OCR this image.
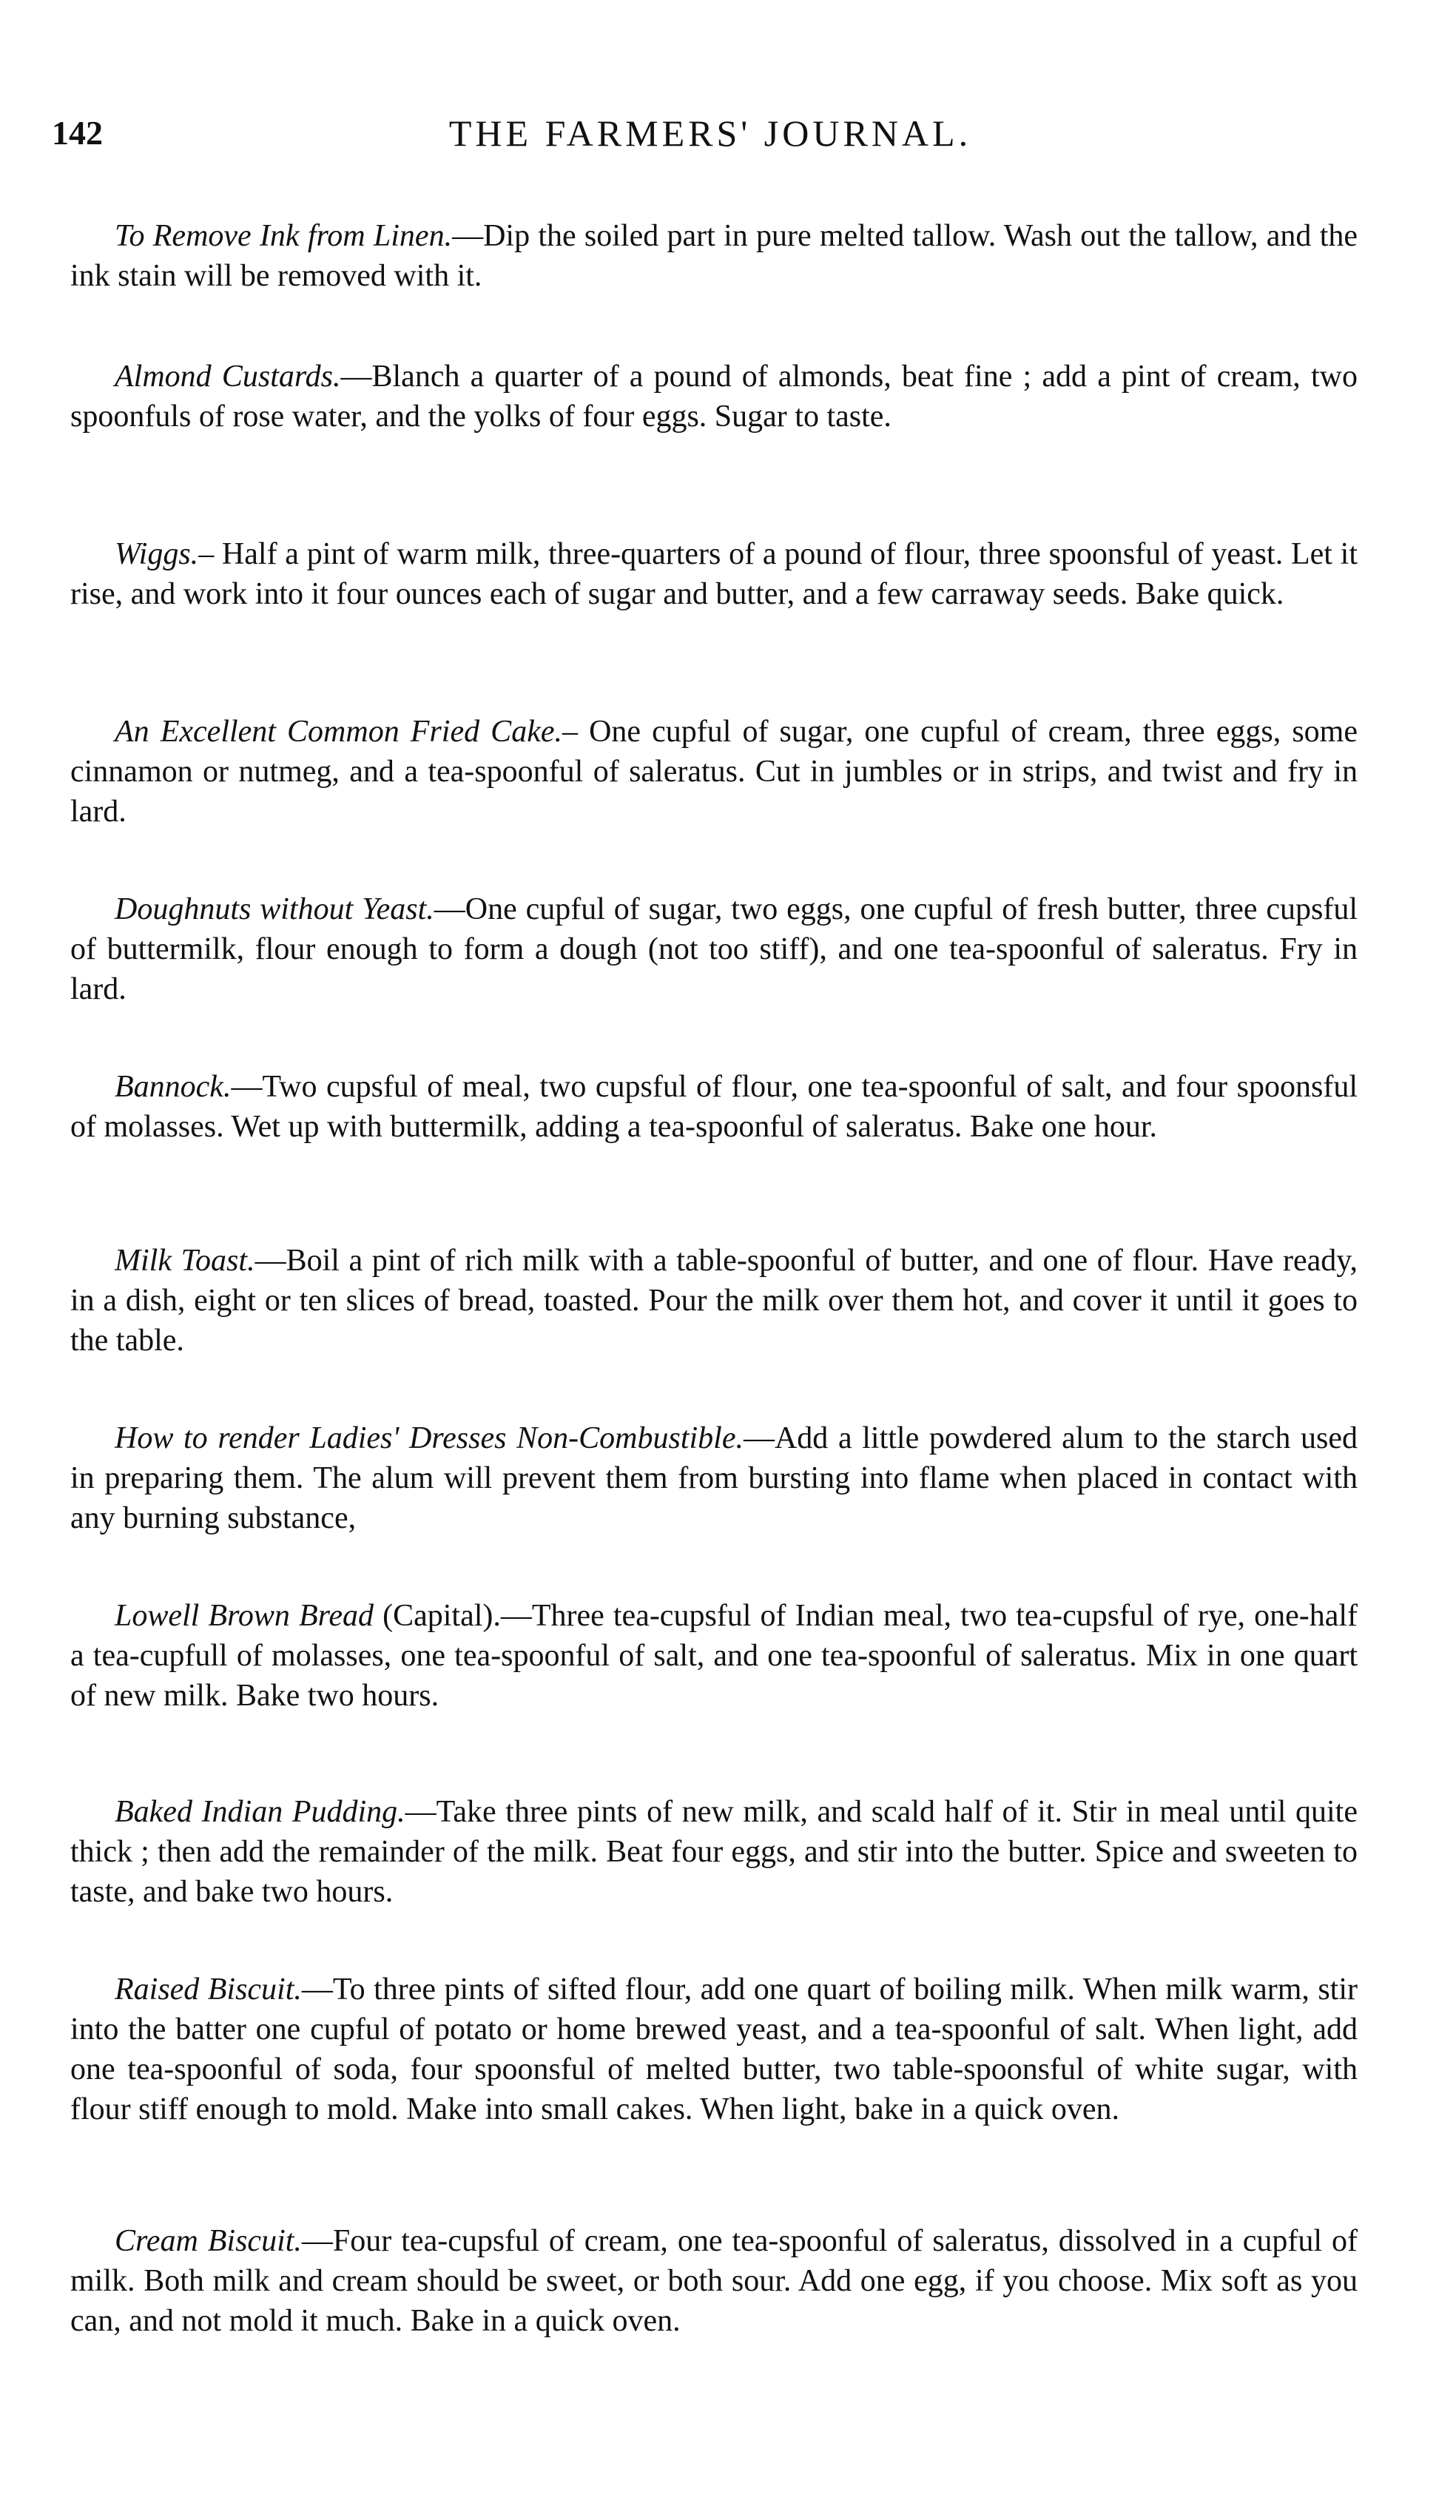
142	THE FARMERS' JOURNAL.

To Remove Ink from Linen.—Dip the soiled part in pure melted tallow. Wash out the tallow, and the ink stain will be removed with it.

Almond Custards.—Blanch a quarter of a pound of almonds, beat fine ; add a pint of cream, two spoonfuls of rose water, and the yolks of four eggs. Sugar to taste.

Wiggs.– Half a pint of warm milk, three-quarters of a pound of flour, three spoonsful of yeast. Let it rise, and work into it four ounces each of sugar and butter, and a few carraway seeds. Bake quick.

An Excellent Common Fried Cake.– One cupful of sugar, one cupful of cream, three eggs, some cinnamon or nutmeg, and a tea-spoonful of saleratus. Cut in jumbles or in strips, and twist and fry in lard.

Doughnuts without Yeast.—One cupful of sugar, two eggs, one cupful of fresh butter, three cupsful of buttermilk, flour enough to form a dough (not too stiff), and one tea-spoonful of saleratus. Fry in lard.

Bannock.—Two cupsful of meal, two cupsful of flour, one tea-spoonful of salt, and four spoonsful of molasses. Wet up with buttermilk, adding a tea-spoonful of saleratus. Bake one hour.

Milk Toast.—Boil a pint of rich milk with a table-spoonful of butter, and one of flour. Have ready, in a dish, eight or ten slices of bread, toasted. Pour the milk over them hot, and cover it until it goes to the table.

How to render Ladies' Dresses Non-Combustible.—Add a little powdered alum to the starch used in preparing them. The alum will prevent them from bursting into flame when placed in contact with any burning substance,

Lowell Brown Bread (Capital).—Three tea-cupsful of Indian meal, two tea-cupsful of rye, one-half a tea-cupfull of molasses, one tea-spoonful of salt, and one tea-spoonful of saleratus. Mix in one quart of new milk. Bake two hours.

Baked Indian Pudding.—Take three pints of new milk, and scald half of it. Stir in meal until quite thick ; then add the remainder of the milk. Beat four eggs, and stir into the butter. Spice and sweeten to taste, and bake two hours.

Raised Biscuit.—To three pints of sifted flour, add one quart of boiling milk. When milk warm, stir into the batter one cupful of potato or home brewed yeast, and a tea-spoonful of salt. When light, add one tea-spoonful of soda, four spoonsful of melted butter, two table-spoonsful of white sugar, with flour stiff enough to mold. Make into small cakes. When light, bake in a quick oven.

Cream Biscuit.—Four tea-cupsful of cream, one tea-spoonful of saleratus, dissolved in a cupful of milk. Both milk and cream should be sweet, or both sour. Add one egg, if you choose. Mix soft as you can, and not mold it much. Bake in a quick oven.
